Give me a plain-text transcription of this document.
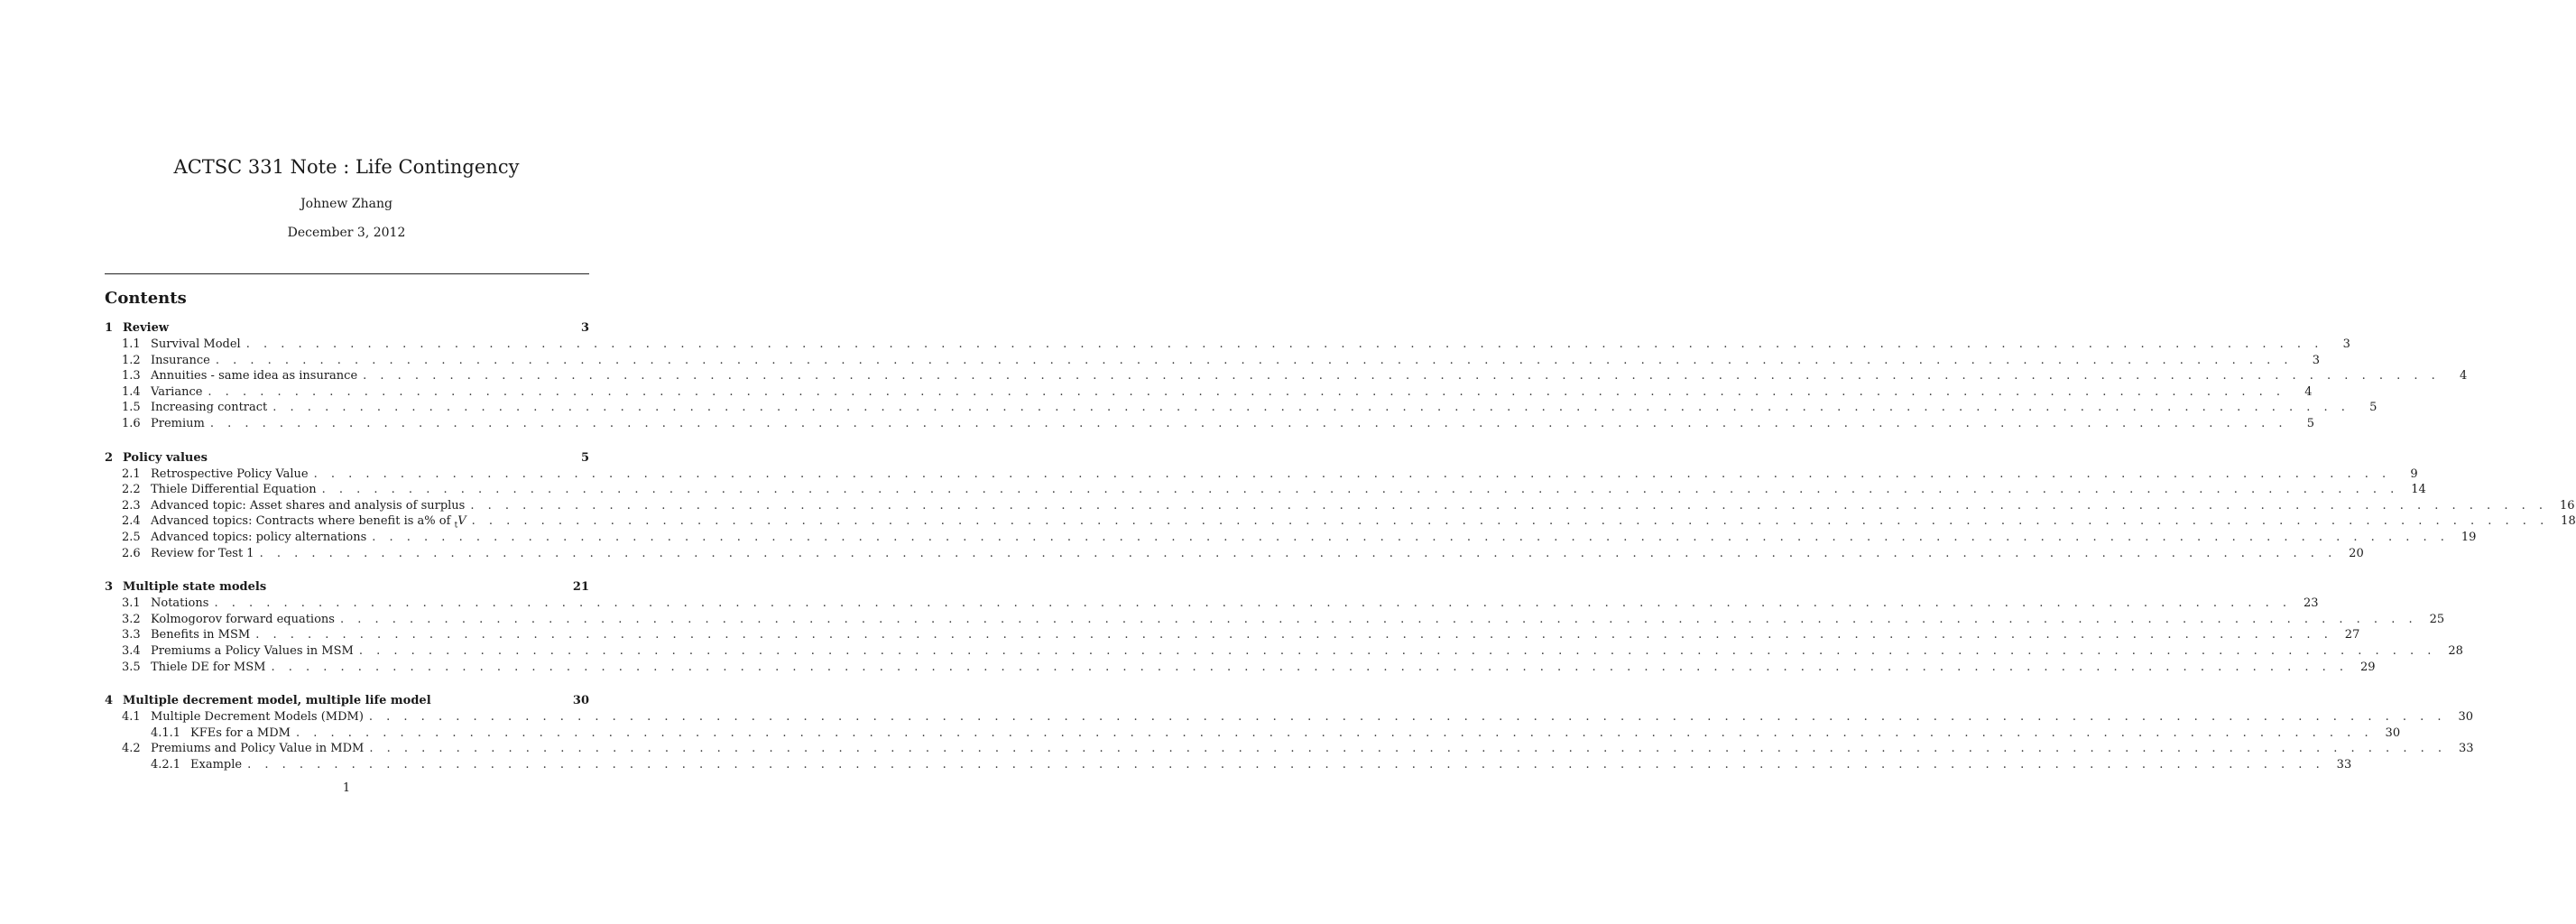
ACTSC 331 Note : Life Contingency
Johnew Zhang
December 3, 2012
Contents
1 Review	3
1.1 Survival Model . . . . . . . . . . . . . . . . . . . . . . . . . . . . . . . . . . . . . . . . . . . . . . . . . . . . . . . . . . . . . . . . . . . . . . . . . . . . . . . . . . . . . . . . . . . . . . . . . . . . . . . . . . . . . . . . . . . . . . . .	3
1.2 Insurance . . . . . . . . . . . . . . . . . . . . . . . . . . . . . . . . . . . . . . . . . . . . . . . . . . . . . . . . . . . . . . . . . . . . . . . . . . . . . . . . . . . . . . . . . . . . . . . . . . . . . . . . . . . . . . . . . . . . . . . .	3
1.3 Annuities - same idea as insurance . . . . . . . . . . . . . . . . . . . . . . . . . . . . . . . . . . . . . . . . . . . . . . . . . . . . . . . . . . . . . . . . . . . . . . . . . . . . . . . . . . . . . . . . . . . . . . . . . . . . . . . . . . . . . . . . . . . . . . . .	4
1.4 Variance . . . . . . . . . . . . . . . . . . . . . . . . . . . . . . . . . . . . . . . . . . . . . . . . . . . . . . . . . . . . . . . . . . . . . . . . . . . . . . . . . . . . . . . . . . . . . . . . . . . . . . . . . . . . . . . . . . . . . . . .	4
1.5 Increasing contract . . . . . . . . . . . . . . . . . . . . . . . . . . . . . . . . . . . . . . . . . . . . . . . . . . . . . . . . . . . . . . . . . . . . . . . . . . . . . . . . . . . . . . . . . . . . . . . . . . . . . . . . . . . . . . . . . . . . . . . .	5
1.6 Premium . . . . . . . . . . . . . . . . . . . . . . . . . . . . . . . . . . . . . . . . . . . . . . . . . . . . . . . . . . . . . . . . . . . . . . . . . . . . . . . . . . . . . . . . . . . . . . . . . . . . . . . . . . . . . . . . . . . . . . . .	5
2 Policy values	5
2.1 Retrospective Policy Value . . . . . . . . . . . . . . . . . . . . . . . . . . . . . . . . . . . . . . . . . . . . . . . . . . . . . . . . . . . . . . . . . . . . . . . . . . . . . . . . . . . . . . . . . . . . . . . . . . . . . . . . . . . . . . . . . . . . . . . .	9
2.2 Thiele Differential Equation . . . . . . . . . . . . . . . . . . . . . . . . . . . . . . . . . . . . . . . . . . . . . . . . . . . . . . . . . . . . . . . . . . . . . . . . . . . . . . . . . . . . . . . . . . . . . . . . . . . . . . . . . . . . . . . . . . . . . . . .	14
2.3 Advanced topic: Asset shares and analysis of surplus . . . . . . . . . . . . . . . . . . . . . . . . . . . . . . . . . . . . . . . . . . . . . . . . . . . . . . . . . . . . . . . . . . . . . . . . . . . . . . . . . . . . . . . . . . . . . . . . . . . . . . . . . . . . . . . . . . . . . . . .	16
2.4 Advanced topics: Contracts where benefit is a% of $_t$V . . . . . . . . . . . . . . . . . . . . . . . . . . . . . . . . . . . . . . . . . . . . . . . . . . . . . . . . . . . . . . . . . . . . . . . . . . . . . . . . . . . . . . . . . . . . . . . . . . . . . . . . . . . . . . . . . . . . . . . .	18
2.5 Advanced topics: policy alternations . . . . . . . . . . . . . . . . . . . . . . . . . . . . . . . . . . . . . . . . . . . . . . . . . . . . . . . . . . . . . . . . . . . . . . . . . . . . . . . . . . . . . . . . . . . . . . . . . . . . . . . . . . . . . . . . . . . . . . . .	19
2.6 Review for Test 1 . . . . . . . . . . . . . . . . . . . . . . . . . . . . . . . . . . . . . . . . . . . . . . . . . . . . . . . . . . . . . . . . . . . . . . . . . . . . . . . . . . . . . . . . . . . . . . . . . . . . . . . . . . . . . . . . . . . . . . . .	20
3 Multiple state models	21
3.1 Notations . . . . . . . . . . . . . . . . . . . . . . . . . . . . . . . . . . . . . . . . . . . . . . . . . . . . . . . . . . . . . . . . . . . . . . . . . . . . . . . . . . . . . . . . . . . . . . . . . . . . . . . . . . . . . . . . . . . . . . . .	23
3.2 Kolmogorov forward equations . . . . . . . . . . . . . . . . . . . . . . . . . . . . . . . . . . . . . . . . . . . . . . . . . . . . . . . . . . . . . . . . . . . . . . . . . . . . . . . . . . . . . . . . . . . . . . . . . . . . . . . . . . . . . . . . . . . . . . . .	25
3.3 Benefits in MSM . . . . . . . . . . . . . . . . . . . . . . . . . . . . . . . . . . . . . . . . . . . . . . . . . . . . . . . . . . . . . . . . . . . . . . . . . . . . . . . . . . . . . . . . . . . . . . . . . . . . . . . . . . . . . . . . . . . . . . . .	27
3.4 Premiums a Policy Values in MSM . . . . . . . . . . . . . . . . . . . . . . . . . . . . . . . . . . . . . . . . . . . . . . . . . . . . . . . . . . . . . . . . . . . . . . . . . . . . . . . . . . . . . . . . . . . . . . . . . . . . . . . . . . . . . . . . . . . . . . . .	28
3.5 Thiele DE for MSM . . . . . . . . . . . . . . . . . . . . . . . . . . . . . . . . . . . . . . . . . . . . . . . . . . . . . . . . . . . . . . . . . . . . . . . . . . . . . . . . . . . . . . . . . . . . . . . . . . . . . . . . . . . . . . . . . . . . . . . .	29
4 Multiple decrement model, multiple life model	30
4.1 Multiple Decrement Models (MDM) . . . . . . . . . . . . . . . . . . . . . . . . . . . . . . . . . . . . . . . . . . . . . . . . . . . . . . . . . . . . . . . . . . . . . . . . . . . . . . . . . . . . . . . . . . . . . . . . . . . . . . . . . . . . . . . . . . . . . . . .	30
4.1.1 KFEs for a MDM . . . . . . . . . . . . . . . . . . . . . . . . . . . . . . . . . . . . . . . . . . . . . . . . . . . . . . . . . . . . . . . . . . . . . . . . . . . . . . . . . . . . . . . . . . . . . . . . . . . . . . . . . . . . . . . . . . . . . . . .	30
4.2 Premiums and Policy Value in MDM . . . . . . . . . . . . . . . . . . . . . . . . . . . . . . . . . . . . . . . . . . . . . . . . . . . . . . . . . . . . . . . . . . . . . . . . . . . . . . . . . . . . . . . . . . . . . . . . . . . . . . . . . . . . . . . . . . . . . . . .	33
4.2.1 Example . . . . . . . . . . . . . . . . . . . . . . . . . . . . . . . . . . . . . . . . . . . . . . . . . . . . . . . . . . . . . . . . . . . . . . . . . . . . . . . . . . . . . . . . . . . . . . . . . . . . . . . . . . . . . . . . . . . . . . . .	33
1
